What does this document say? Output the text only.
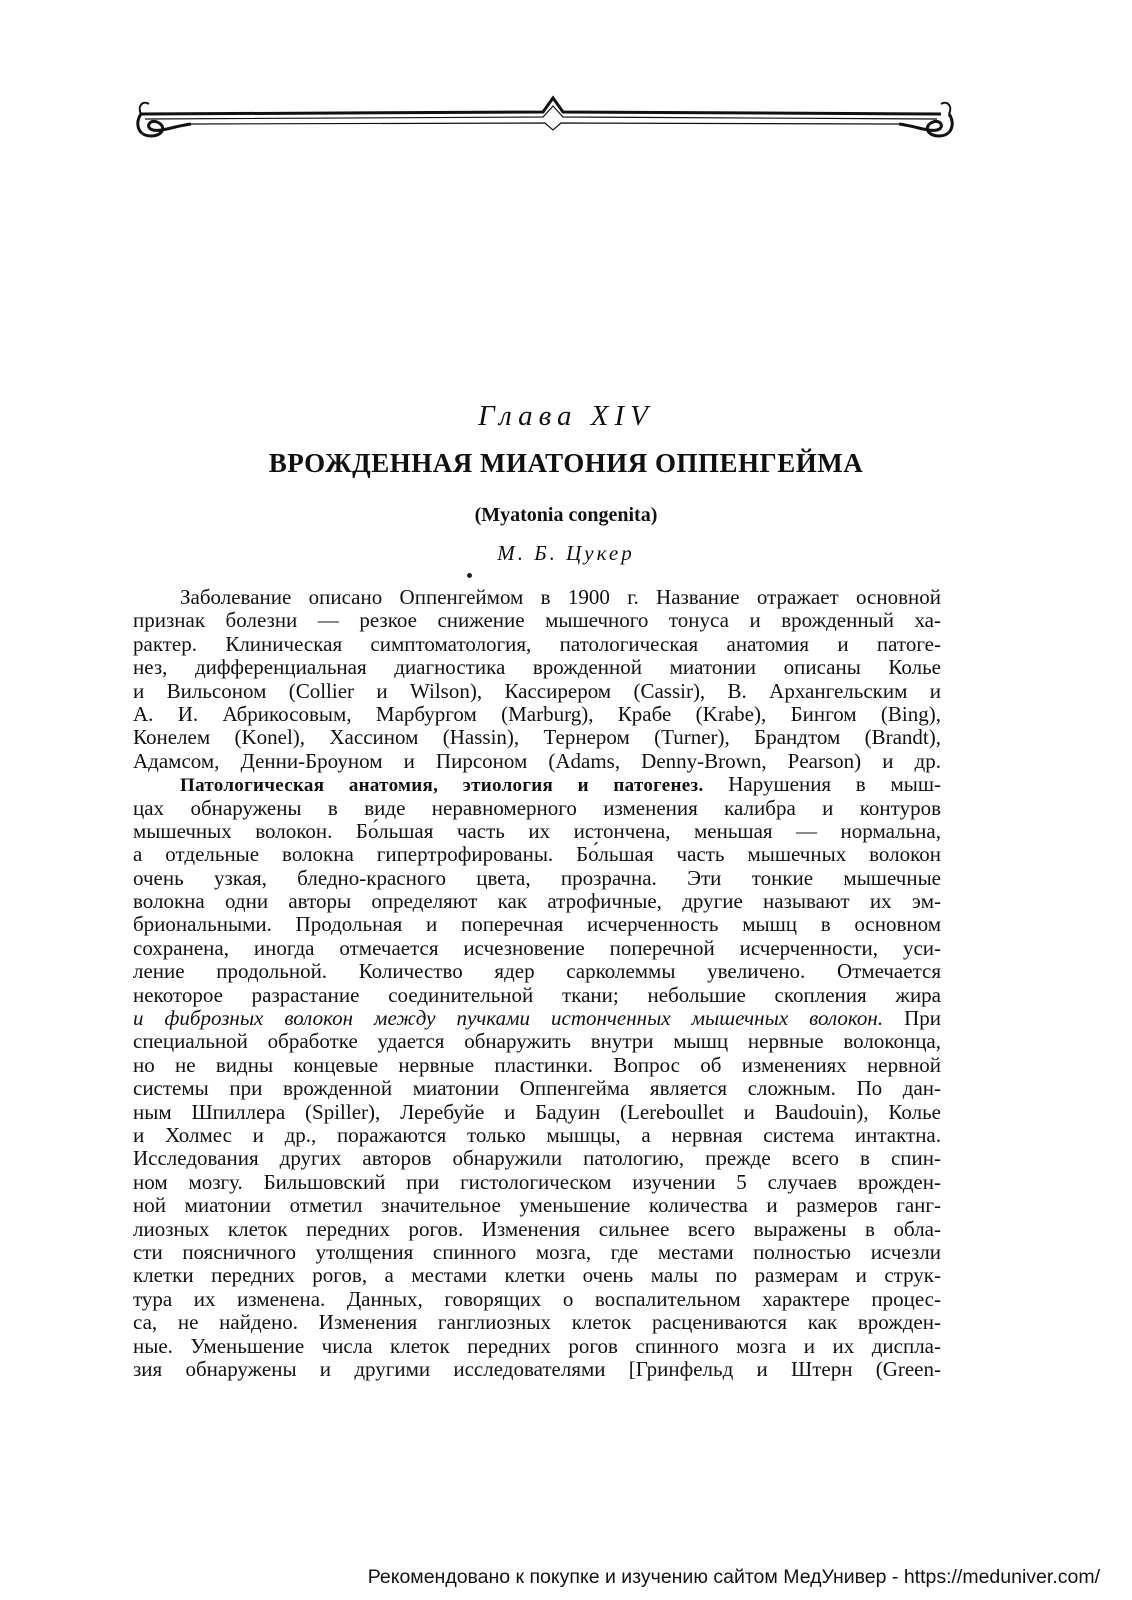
Глава XIV
ВРОЖДЕННАЯ МИАТОНИЯ ОППЕНГЕЙМА
(Myatonia congenita)
М. Б. Цукер
Заболевание описано Оппенгеймом в 1900 г. Название отражает основной
признак болезни — резкое снижение мышечного тонуса и врожденный ха-
рактер. Клиническая симптоматология, патологическая анатомия и патоге-
нез, дифференциальная диагностика врожденной миатонии описаны Колье
и Вильсоном (Collier и Wilson), Кассирером (Cassir), В. Архангельским и
А. И. Абрикосовым, Марбургом (Marburg), Крабе (Krabe), Бингом (Bing),
Конелем (Konel), Хассином (Hassin), Тернером (Turner), Брандтом (Brandt),
Адамсом, Денни-Броуном и Пирсоном (Adams, Denny-Brown, Pearson) и др.
Патологическая анатомия, этиология и патогенез. Нарушения в мыш-
цах обнаружены в виде неравномерного изменения калибра и контуров
мышечных волокон. Бо́льшая часть их истончена, меньшая — нормальна,
а отдельные волокна гипертрофированы. Бо́льшая часть мышечных волокон
очень узкая, бледно-красного цвета, прозрачна. Эти тонкие мышечные
волокна одни авторы определяют как атрофичные, другие называют их эм-
бриональными. Продольная и поперечная исчерченность мышц в основном
сохранена, иногда отмечается исчезновение поперечной исчерченности, уси-
ление продольной. Количество ядер сарколеммы увеличено. Отмечается
некоторое разрастание соединительной ткани; небольшие скопления жира
и фиброзных волокон между пучками истонченных мышечных волокон. При
специальной обработке удается обнаружить внутри мышц нервные волоконца,
но не видны концевые нервные пластинки. Вопрос об изменениях нервной
системы при врожденной миатонии Оппенгейма является сложным. По дан-
ным Шпиллера (Spiller), Леребуйе и Бадуин (Lereboullet и Baudouin), Колье
и Холмес и др., поражаются только мышцы, а нервная система интактна.
Исследования других авторов обнаружили патологию, прежде всего в спин-
ном мозгу. Бильшовский при гистологическом изучении 5 случаев врожден-
ной миатонии отметил значительное уменьшение количества и размеров ганг-
лиозных клеток передних рогов. Изменения сильнее всего выражены в обла-
сти поясничного утолщения спинного мозга, где местами полностью исчезли
клетки передних рогов, а местами клетки очень малы по размерам и струк-
тура их изменена. Данных, говорящих о воспалительном характере процес-
са, не найдено. Изменения ганглиозных клеток расцениваются как врожден-
ные. Уменьшение числа клеток передних рогов спинного мозга и их диспла-
зия обнаружены и другими исследователями [Гринфельд и Штерн (Green-
Рекомендовано к покупке и изучению сайтом МедУнивер - https://meduniver.com/
